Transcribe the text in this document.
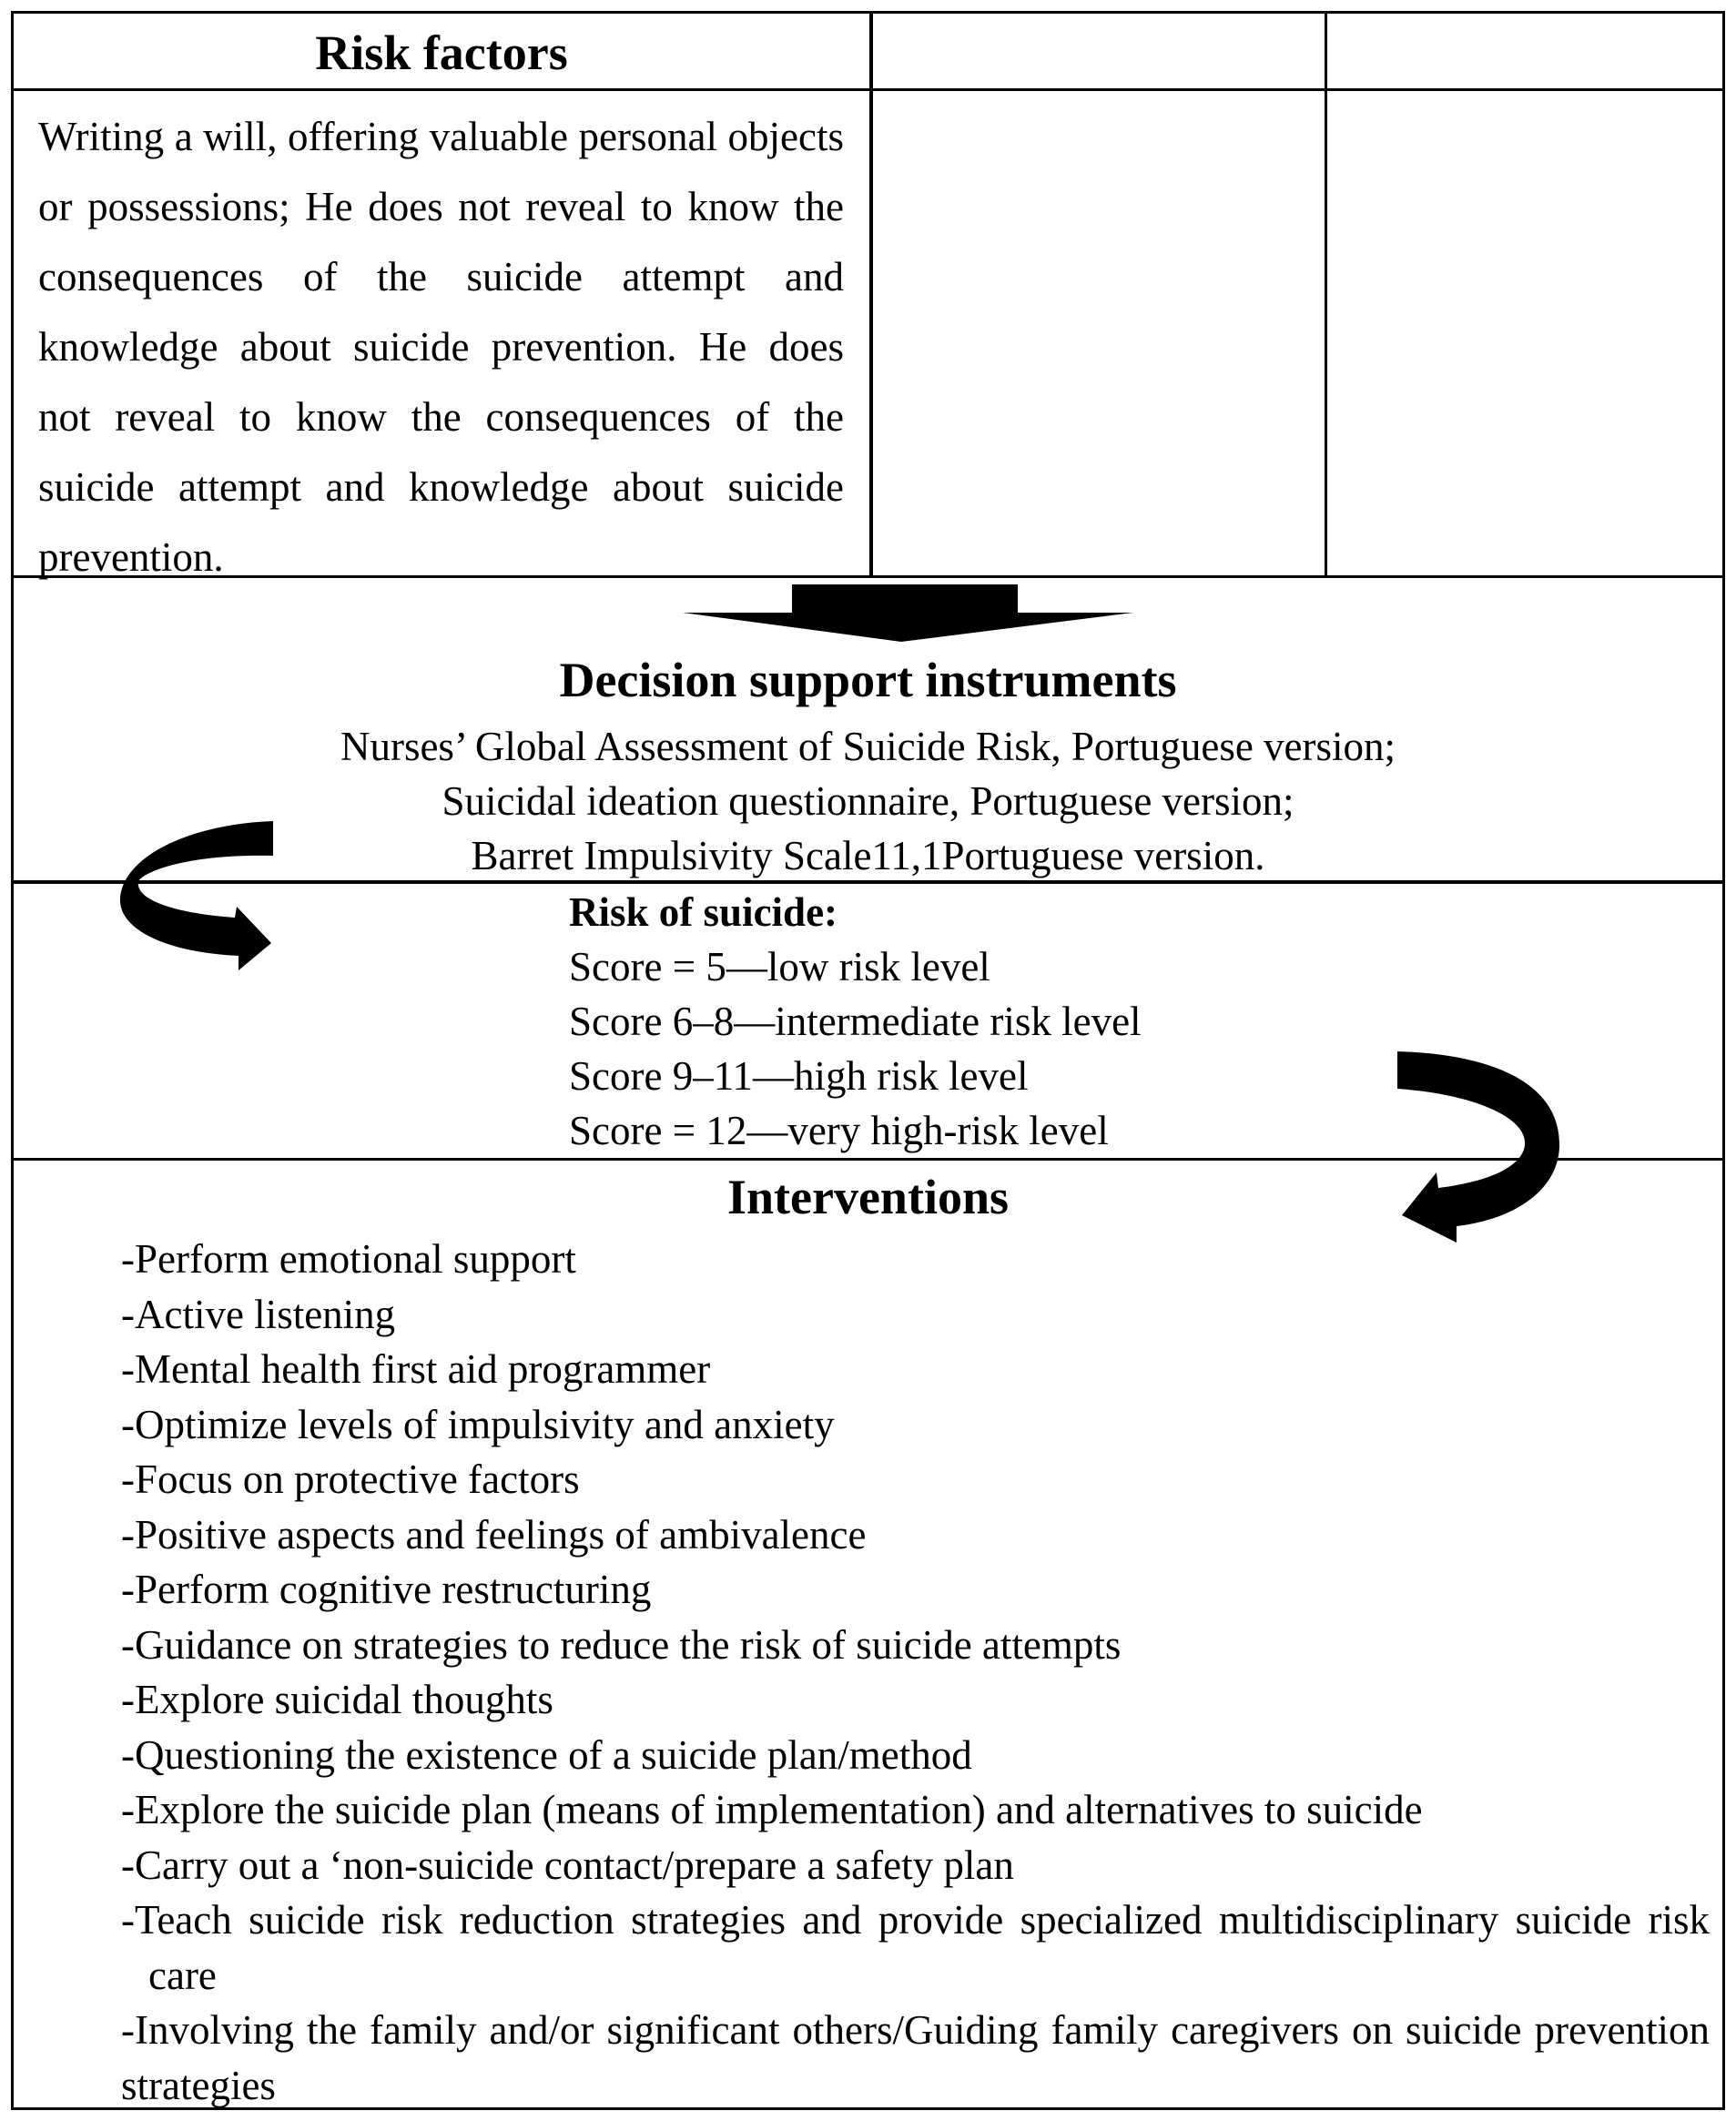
Risk factors
Writing a will, offering valuable personal objects or possessions; He does not reveal to know the consequences of the suicide attempt and knowledge about suicide prevention. He does not reveal to know the consequences of the suicide attempt and knowledge about suicide prevention.
Decision support instruments
Nurses’ Global Assessment of Suicide Risk, Portuguese version;
Suicidal ideation questionnaire, Portuguese version;
Barret Impulsivity Scale11,1Portuguese version.
Risk of suicide:
Score = 5—low risk level
Score 6–8—intermediate risk level
Score 9–11—high risk level
Score = 12—very high-risk level
Interventions
-Perform emotional support
-Active listening
-Mental health first aid programmer
-Optimize levels of impulsivity and anxiety
-Focus on protective factors
-Positive aspects and feelings of ambivalence
-Perform cognitive restructuring
-Guidance on strategies to reduce the risk of suicide attempts
-Explore suicidal thoughts
-Questioning the existence of a suicide plan/method
-Explore the suicide plan (means of implementation) and alternatives to suicide
-Carry out a ‘non-suicide contact/prepare a safety plan
-Teach suicide risk reduction strategies and provide specialized multidisciplinary suicide risk care
-Involving the family and/or significant others/Guiding family caregivers on suicide prevention strategies
